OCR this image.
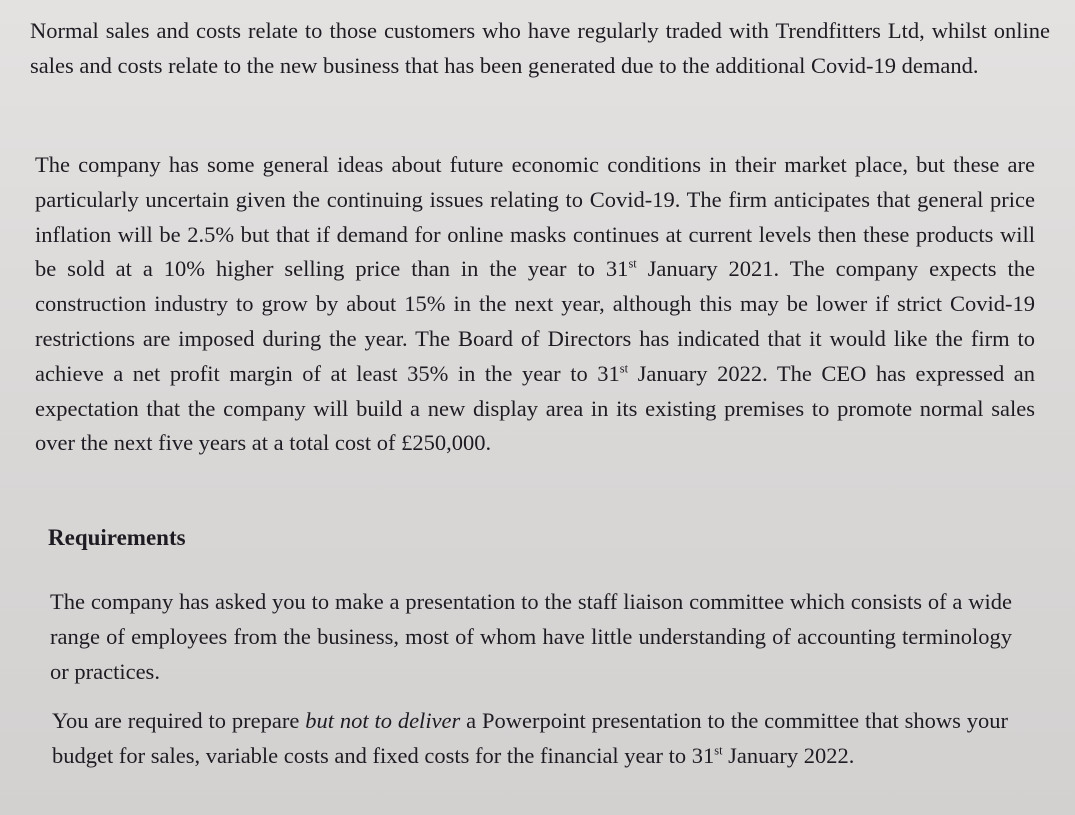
Normal sales and costs relate to those customers who have regularly traded with Trendfitters Ltd, whilst online sales and costs relate to the new business that has been generated due to the additional Covid-19 demand.

The company has some general ideas about future economic conditions in their market place, but these are particularly uncertain given the continuing issues relating to Covid-19. The firm anticipates that general price inflation will be 2.5% but that if demand for online masks continues at current levels then these products will be sold at a 10% higher selling price than in the year to 31st January 2021. The company expects the construction industry to grow by about 15% in the next year, although this may be lower if strict Covid-19 restrictions are imposed during the year. The Board of Directors has indicated that it would like the firm to achieve a net profit margin of at least 35% in the year to 31st January 2022. The CEO has expressed an expectation that the company will build a new display area in its existing premises to promote normal sales over the next five years at a total cost of £250,000.

Requirements

The company has asked you to make a presentation to the staff liaison committee which consists of a wide range of employees from the business, most of whom have little understanding of accounting terminology or practices.

You are required to prepare but not to deliver a Powerpoint presentation to the committee that shows your budget for sales, variable costs and fixed costs for the financial year to 31st January 2022.
